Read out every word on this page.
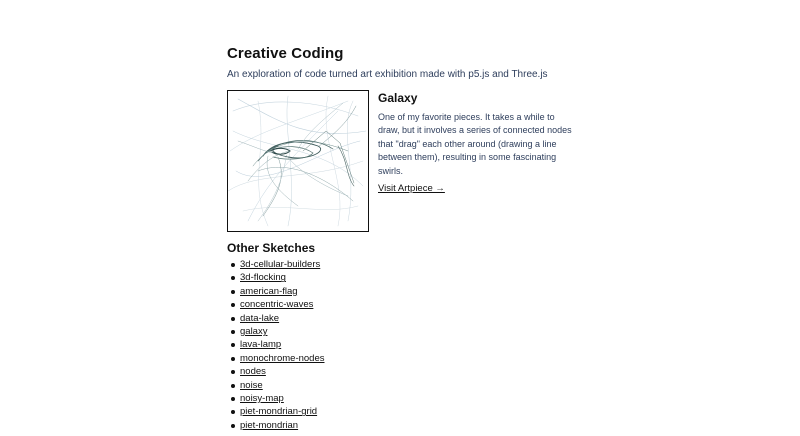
Creative Coding
An exploration of code turned art exhibition made with p5.js and Three.js
Galaxy
One of my favorite pieces. It takes a while to draw, but it involves a series of connected nodes that "drag" each other around (drawing a line between them), resulting in some fascinating swirls.
Visit Artpiece →
Other Sketches
3d-cellular-builders
3d-flocking
american-flag
concentric-waves
data-lake
galaxy
lava-lamp
monochrome-nodes
nodes
noise
noisy-map
piet-mondrian-grid
piet-mondrian
